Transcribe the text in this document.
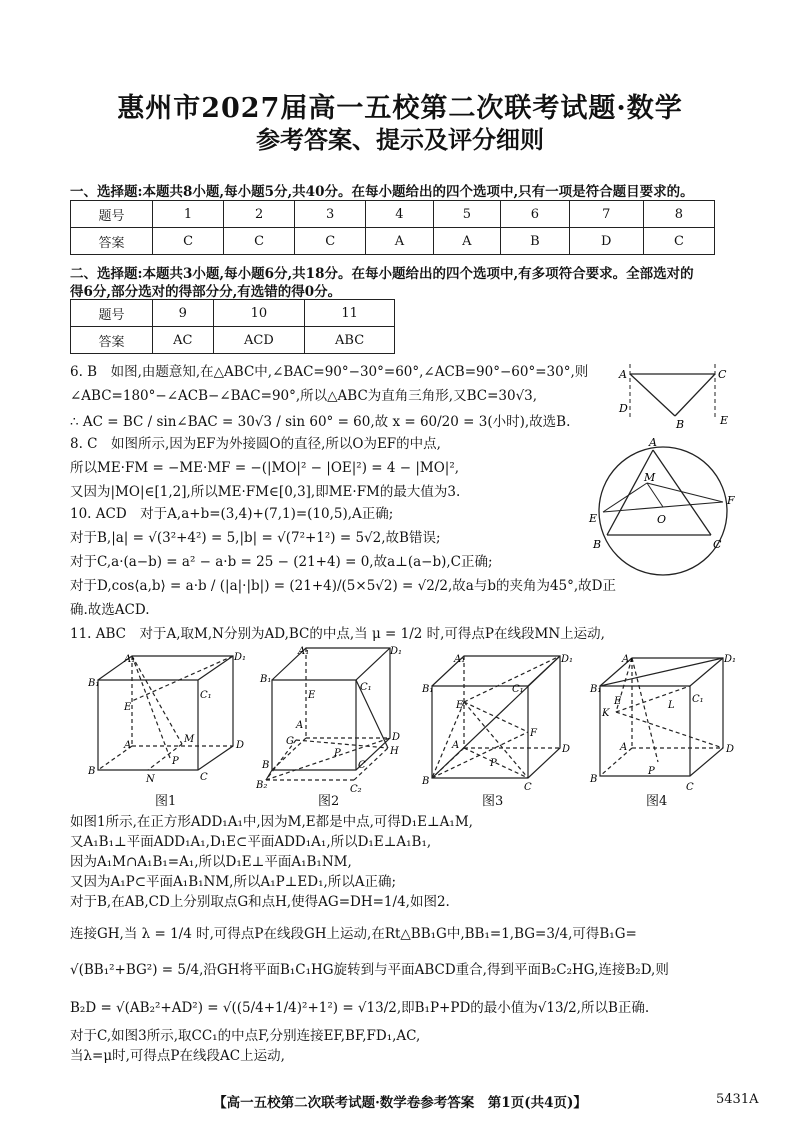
惠州市2027届高一五校第二次联考试题·数学
参考答案、提示及评分细则
一、选择题:本题共8小题,每小题5分,共40分。在每小题给出的四个选项中,只有一项是符合题目要求的。
题号	1	2	3	4	5	6	7	8
答案	C	C	C	A	A	B	D	C
二、选择题:本题共3小题,每小题6分,共18分。在每小题给出的四个选项中,有多项符合要求。全部选对的
得6分,部分选对的得部分分,有选错的得0分。
题号	9	10	11
答案	AC	ACD	ABC
6. B　如图,由题意知,在△ABC中,∠BAC=90°−30°=60°,∠ACB=90°−60°=30°,则
∠ABC=180°−∠ACB−∠BAC=90°,所以△ABC为直角三角形,又BC=30√3,
∴ AC = BC / sin∠BAC = 30√3 / sin 60° = 60,故 x = 60/20 = 3(小时),故选B.
A	C
D
E
B
8. C　如图所示,因为EF为外接圆O的直径,所以O为EF的中点,
所以ME·FM = −ME·MF = −(|MO|² − |OE|²) = 4 − |MO|²,
又因为|MO|∈[1,2],所以ME·FM∈[0,3],即ME·FM的最大值为3.
A
M
O
E
F
B	C
10. ACD　对于A,a+b=(3,4)+(7,1)=(10,5),A正确;
对于B,|a| = √(3²+4²) = 5,|b| = √(7²+1²) = 5√2,故B错误;
对于C,a·(a−b) = a² − a·b = 25 − (21+4) = 0,故a⊥(a−b),C正确;
对于D,cos⟨a,b⟩ = a·b / (|a|·|b|) = (21+4)/(5×5√2) = √2/2,故a与b的夹角为45°,故D正
确.故选ACD.
11. ABC　对于A,取M,N分别为AD,BC的中点,当 μ = 1/2 时,可得点P在线段MN上运动,
A₁	D₁
B₁
C₁
E
A
M
D
B
N
P
C
A₁	D₁
B₁
C₁
E
A
G	D
H
B
P
C
B₂	C₂
A₁	D₁
B₁	C₁
E
A
F
D
P
B
C
A₁	D₁
B₁
C₁
E
K
L
A	D
B
P
C
图1	图2	图3	图4
如图1所示,在正方形ADD₁A₁中,因为M,E都是中点,可得D₁E⊥A₁M,
又A₁B₁⊥平面ADD₁A₁,D₁E⊂平面ADD₁A₁,所以D₁E⊥A₁B₁,
因为A₁M∩A₁B₁=A₁,所以D₁E⊥平面A₁B₁NM,
又因为A₁P⊂平面A₁B₁NM,所以A₁P⊥ED₁,所以A正确;
对于B,在AB,CD上分别取点G和点H,使得AG=DH=1/4,如图2.
连接GH,当 λ = 1/4 时,可得点P在线段GH上运动,在Rt△BB₁G中,BB₁=1,BG=3/4,可得B₁G=
√(BB₁²+BG²) = 5/4,沿GH将平面B₁C₁HG旋转到与平面ABCD重合,得到平面B₂C₂HG,连接B₂D,则
B₂D = √(AB₂²+AD²) = √((5/4+1/4)²+1²) = √13/2,即B₁P+PD的最小值为√13/2,所以B正确.
对于C,如图3所示,取CC₁的中点F,分别连接EF,BF,FD₁,AC,
当λ=μ时,可得点P在线段AC上运动,
【高一五校第二次联考试题·数学卷参考答案　第1页(共4页)】	5431A
